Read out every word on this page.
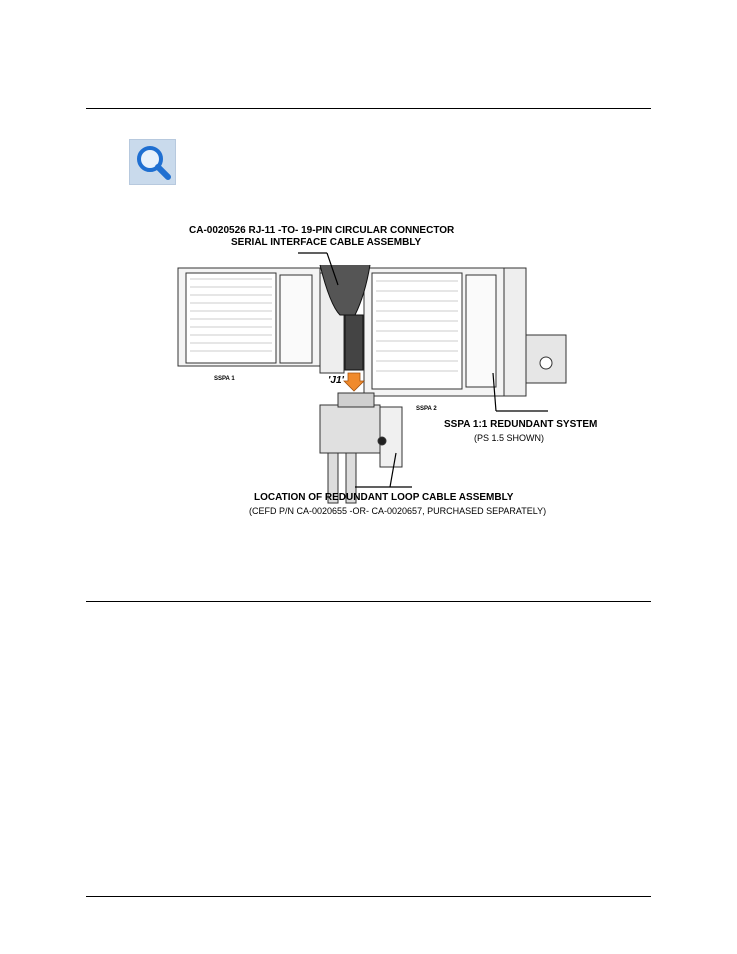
SSPA 1
SSPA 2
'J1'
CA-0020526 RJ-11 -TO- 19-PIN CIRCULAR CONNECTOR
SERIAL INTERFACE CABLE ASSEMBLY
SSPA 1:1 REDUNDANT SYSTEM
(PS 1.5 SHOWN)
LOCATION OF REDUNDANT LOOP CABLE ASSEMBLY
(CEFD P/N CA-0020655 -OR- CA-0020657, PURCHASED SEPARATELY)
